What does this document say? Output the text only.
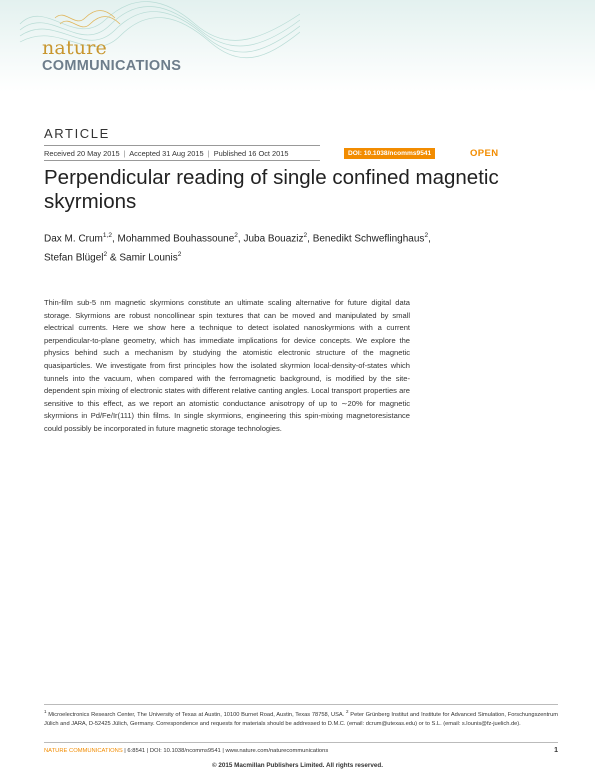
nature
COMMUNICATIONS
ARTICLE
Received 20 May 2015 | Accepted 31 Aug 2015 | Published 16 Oct 2015	DOI: 10.1038/ncomms9541	OPEN
Perpendicular reading of single confined magnetic skyrmions
Dax M. Crum$^{1,2}$, Mohammed Bouhassoune$^2$, Juba Bouaziz$^2$, Benedikt Schweflinghaus$^2$,
Stefan Blügel$^2$ & Samir Lounis$^2$
Thin-film sub-5 nm magnetic skyrmions constitute an ultimate scaling alternative for future digital data storage. Skyrmions are robust noncollinear spin textures that can be moved and manipulated by small electrical currents. Here we show here a technique to detect isolated nanoskyrmions with a current perpendicular-to-plane geometry, which has immediate implications for device concepts. We explore the physics behind such a mechanism by studying the atomistic electronic structure of the magnetic quasiparticles. We investigate from first principles how the isolated skyrmion local-density-of-states which tunnels into the vacuum, when compared with the ferromagnetic background, is modified by the site-dependent spin mixing of electronic states with different relative canting angles. Local transport properties are sensitive to this effect, as we report an atomistic conductance anisotropy of up to ∼20% for magnetic skyrmions in Pd/Fe/Ir(111) thin films. In single skyrmions, engineering this spin-mixing magnetoresistance could possibly be incorporated in future magnetic storage technologies.
$^1$ Microelectronics Research Center, The University of Texas at Austin, 10100 Burnet Road, Austin, Texas 78758, USA. $^2$ Peter Grünberg Institut and Institute for Advanced Simulation, Forschungszentrum Jülich and JARA, D-52425 Jülich, Germany. Correspondence and requests for materials should be addressed to D.M.C. (email: dcrum@utexas.edu) or to S.L. (email: s.lounis@fz-juelich.de).
NATURE COMMUNICATIONS | 6:8541 | DOI: 10.1038/ncomms9541 | www.nature.com/naturecommunications	1
© 2015 Macmillan Publishers Limited. All rights reserved.
